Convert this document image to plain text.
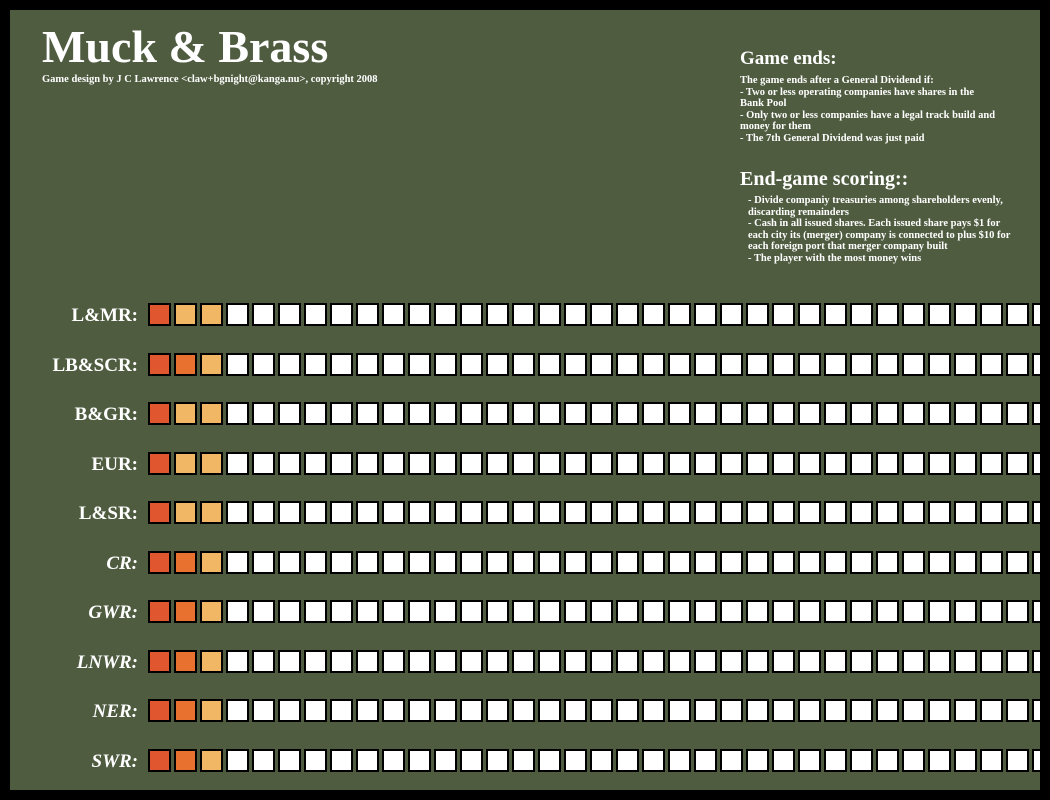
Muck & Brass
Game design by J C Lawrence <claw+bgnight@kanga.nu>, copyright 2008
Game ends:
The game ends after a General Dividend if:
- Two or less operating companies have shares in the
Bank Pool
- Only two or less companies have a legal track build and
money for them
- The 7th General Dividend was just paid
End-game scoring::
- Divide companiy treasuries among shareholders evenly,
discarding remainders
- Cash in all issued shares. Each issued share pays $1 for
each city its (merger) company is connected to plus $10 for
each foreign port that merger company built
- The player with the most money wins
L&MR:
LB&SCR:
B&GR:
EUR:
L&SR:
CR:
GWR:
LNWR:
NER:
SWR:
